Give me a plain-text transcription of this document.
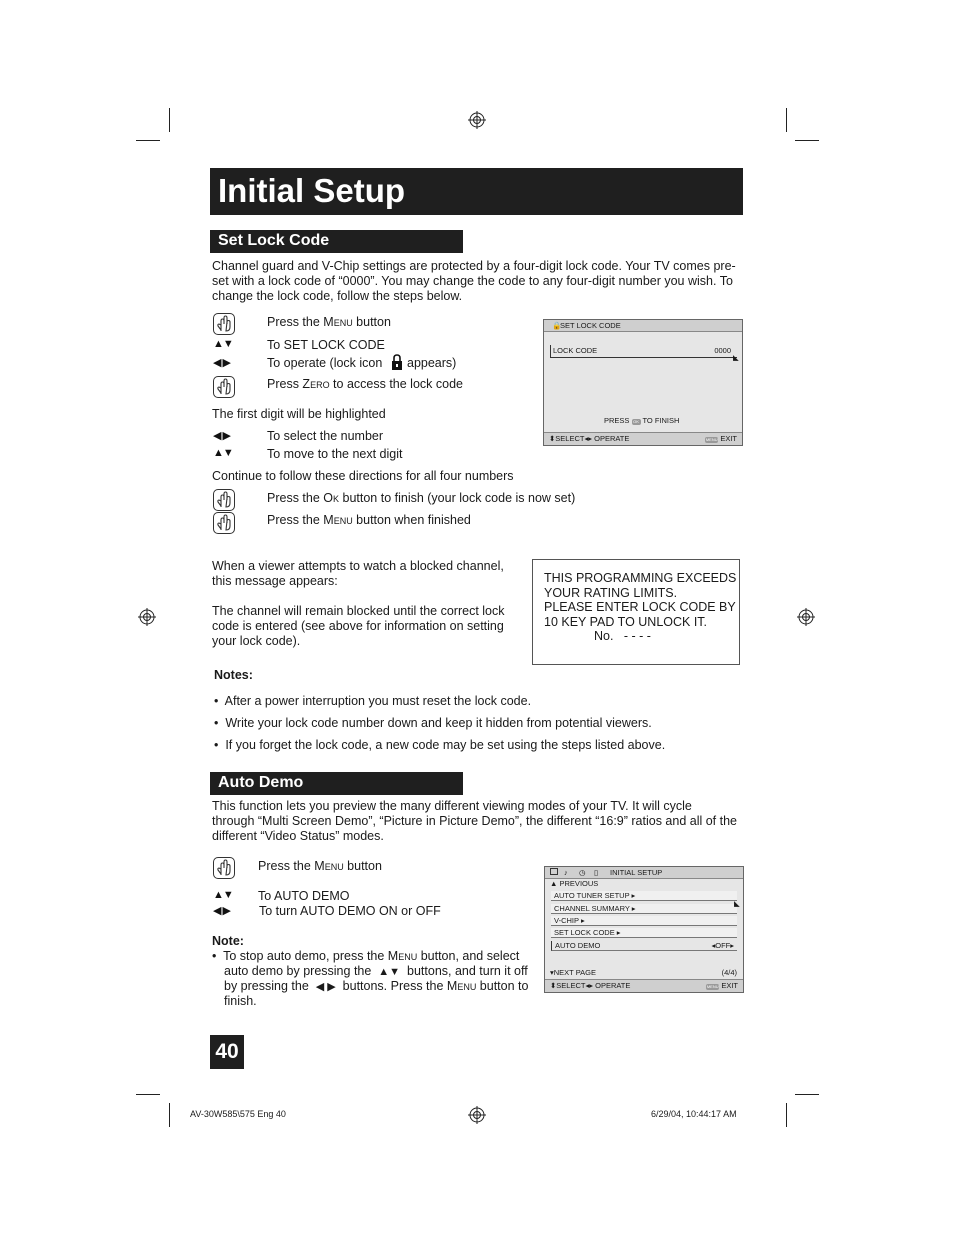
Initial Setup
Set Lock Code
Channel guard and V-Chip settings are protected by a four-digit lock code. Your TV comes pre-
set with a lock code of “0000”. You may change the code to any four-digit number you wish. To
change the lock code, follow the steps below.
Press the Menu button
▲▼	To SET LOCK CODE
◀ ▶	To operate (lock icon appears)
Press Zero to access the lock code
The first digit will be highlighted
◀ ▶	To select the number
▲▼	To move to the next digit
Continue to follow these directions for all four numbers
Press the Ok button to finish (your lock code is now set)
Press the Menu button when finished
🔒
SET LOCK CODE
LOCK CODE	0000
◣
PRESS OK TO FINISH
⬍SELECT◂▸ OPERATE	MENU EXIT
When a viewer attempts to watch a blocked channel,
this message appears:
The channel will remain blocked until the correct lock
code is entered (see above for information on setting
your lock code).
THIS PROGRAMMING EXCEEDS
YOUR RATING LIMITS.
PLEASE ENTER LOCK CODE BY
10 KEY PAD TO UNLOCK IT.
No.   - - - -
Notes:
•  After a power interruption you must reset the lock code.
•  Write your lock code number down and keep it hidden from potential viewers.
•  If you forget the lock code, a new code may be set using the steps listed above.
Auto Demo
This function lets you preview the many different viewing modes of your TV. It will cycle
through “Multi Screen Demo”, “Picture in Picture Demo”, the different “16:9” ratios and all of the
different “Video Status” modes.
Press the Menu button
▲▼ To AUTO DEMO
◀ ▶ To turn AUTO DEMO ON or OFF
Note:
•  To stop auto demo, press the Menu button, and select
auto demo by pressing the ▲▼ buttons, and turn it off
by pressing the ◀ ▶ buttons. Press the Menu button to
finish.
♪ ◷ ▯ INITIAL SETUP
▲ PREVIOUS
AUTO TUNER SETUP ▸
CHANNEL SUMMARY ▸
V-CHIP ▸
SET LOCK CODE ▸
AUTO DEMO	◂OFF▸
◣
▾NEXT PAGE	(4/4)
⬍SELECT◂▸ OPERATE	MENU EXIT
40
AV-30W585\575 Eng 40	6/29/04, 10:44:17 AM
